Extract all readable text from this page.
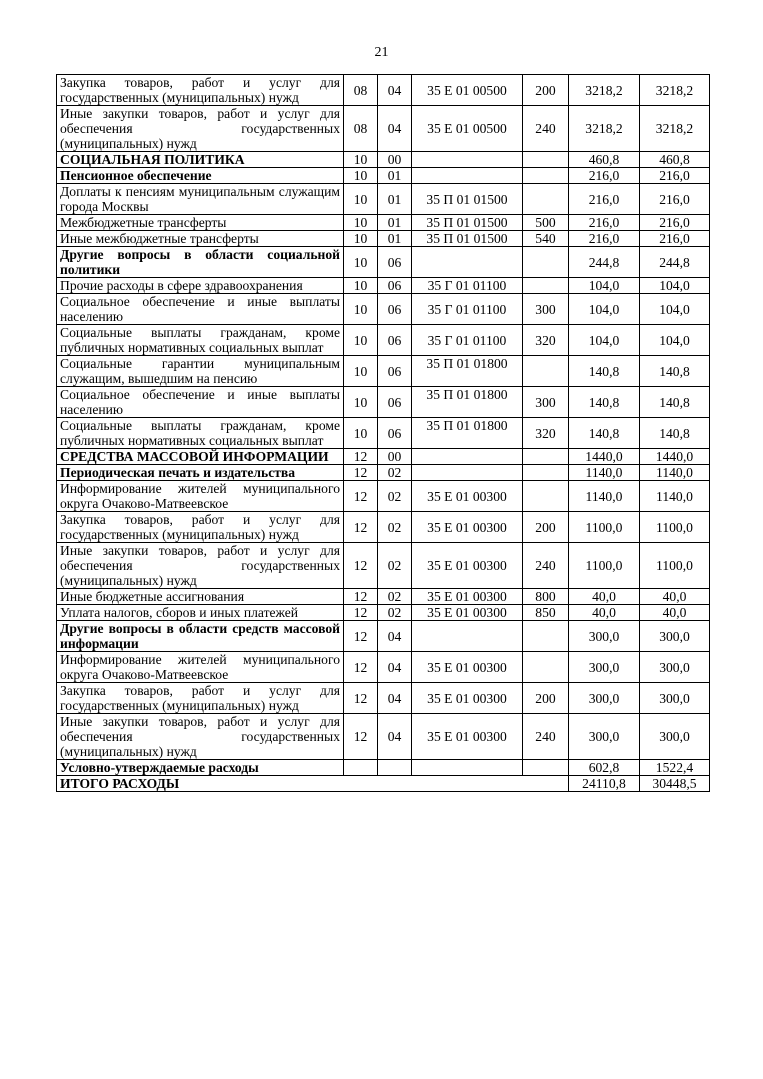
21
Закупка товаров, работ и услуг для государственных (муниципальных) нужд	08	04	35 Е 01 00500	200	3218,2	3218,2
Иные закупки товаров, работ и услуг для обеспечения государственных (муниципальных) нужд	08	04	35 Е 01 00500	240	3218,2	3218,2
СОЦИАЛЬНАЯ ПОЛИТИКА	10	00			460,8	460,8
Пенсионное обеспечение	10	01			216,0	216,0
Доплаты к пенсиям муниципальным служащим города Москвы	10	01	35 П 01 01500		216,0	216,0
Межбюджетные трансферты	10	01	35 П 01 01500	500	216,0	216,0
Иные межбюджетные трансферты	10	01	35 П 01 01500	540	216,0	216,0
Другие вопросы в области социальной политики	10	06			244,8	244,8
Прочие расходы в сфере здравоохранения	10	06	35 Г 01 01100		104,0	104,0
Социальное обеспечение и иные выплаты населению	10	06	35 Г 01 01100	300	104,0	104,0
Социальные выплаты гражданам, кроме публичных нормативных социальных выплат	10	06	35 Г 01 01100	320	104,0	104,0
Социальные гарантии муниципальным служащим, вышедшим на пенсию	10	06	35 П 01 01800		140,8	140,8
Социальное обеспечение и иные выплаты населению	10	06	35 П 01 01800	300	140,8	140,8
Социальные выплаты гражданам, кроме публичных нормативных социальных выплат	10	06	35 П 01 01800	320	140,8	140,8
СРЕДСТВА МАССОВОЙ ИНФОРМАЦИИ	12	00			1440,0	1440,0
Периодическая печать и издательства	12	02			1140,0	1140,0
Информирование жителей муниципального округа Очаково-Матвеевское	12	02	35 Е 01 00300		1140,0	1140,0
Закупка товаров, работ и услуг для государственных (муниципальных) нужд	12	02	35 Е 01 00300	200	1100,0	1100,0
Иные закупки товаров, работ и услуг для обеспечения государственных (муниципальных) нужд	12	02	35 Е 01 00300	240	1100,0	1100,0
Иные бюджетные ассигнования	12	02	35 Е 01 00300	800	40,0	40,0
Уплата налогов, сборов и иных платежей	12	02	35 Е 01 00300	850	40,0	40,0
Другие вопросы в области средств массовой информации	12	04			300,0	300,0
Информирование жителей муниципального округа Очаково-Матвеевское	12	04	35 Е 01 00300		300,0	300,0
Закупка товаров, работ и услуг для государственных (муниципальных) нужд	12	04	35 Е 01 00300	200	300,0	300,0
Иные закупки товаров, работ и услуг для обеспечения государственных (муниципальных) нужд	12	04	35 Е 01 00300	240	300,0	300,0
Условно-утверждаемые расходы					602,8	1522,4
ИТОГО РАСХОДЫ					24110,8	30448,5
